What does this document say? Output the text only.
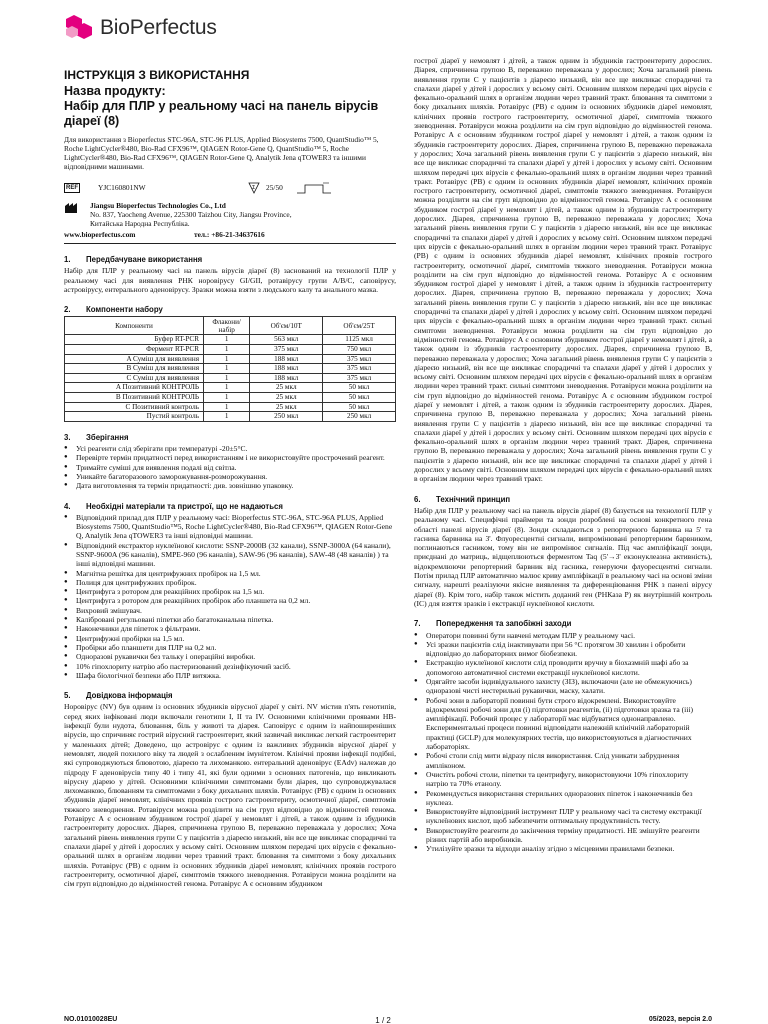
BioPerfectus
ІНСТРУКЦІЯ З ВИКОРИСТАННЯ
Назва продукту:
Набір для ПЛР у реальному часі на панель вірусів діареї (8)

Для використання з Bioperfectus STC-96A, STC-96 PLUS, Applied Biosystems 7500, QuantStudio™ 5, Roche LightCycler®480, Bio-Rad CFX96™, QIAGEN Rotor-Gene Q, QuantStudio™ 5, Roche LightCycler®480, Bio-Rad CFX96™, QIAGEN Rotor-Gene Q, Analytik Jena qTOWER3 та іншими відповідними машинами.

REF	YJC160801NW	Σ 25/50
Jiangsu Bioperfectus Technologies Co., Ltd
No. 837, Yaocheng Avenue, 225300 Taizhou City, Jiangsu Province,
Китайська Народна Республіка.
www.bioperfectus.com	тел.: +86-21-34637616
1.	Передбачуване використання

Набір для ПЛР у реальному часі на панель вірусів діареї (8) заснований на технології ПЛР у реальному часі для виявлення РНК норовірусу GI/GII, ротавірусу групи A/B/C, саповірусу, астровірусу, ентерального аденовірусу. Зразки можна взяти з людського калу та анального мазка.

2.	Компоненти набору
Компоненти	Флакони/ набір	Об'єм/10Т	Об'єм/25Т
Буфер RT-PCR	1	563 мкл	1125 мкл
Фермент RT-PCR	1	375 мкл	750 мкл
A Суміш для виявлення	1	188 мкл	375 мкл
B Суміш для виявлення	1	188 мкл	375 мкл
C Суміш для виявлення	1	188 мкл	375 мкл
A Позитивний КОНТРОЛЬ	1	25 мкл	50 мкл
B Позитивний КОНТРОЛЬ	1	25 мкл	50 мкл
C Позитивний контроль	1	25 мкл	50 мкл
Пустий контроль	1	250 мкл	250 мкл
3.	Зберігання
● Усі реагенти слід зберігати при температурі -20±5°C.
● Перевірте термін придатності перед використанням і не використовуйте прострочений реагент.
● Тримайте суміші для виявлення подалі від світла.
● Уникайте багаторазового заморожування-розморожування.
● Дата виготовлення та термін придатності: див. зовнішню упаковку.
4.	Необхідні матеріали та пристрої, що не надаються
● Відповідний прилад для ПЛР у реальному часі: Bioperfectus STC-96A, STC-96A PLUS, Applied Biosystems 7500, QuantStudio™5, Roche LightCycler®480, Bio-Rad CFX96™, QIAGEN Rotor-Gene Q, Analytik Jena qTOWER3 та інші відповідні машини.
● Відповідний екстрактор нуклеїнової кислоти: SSNP-2000B (32 канали), SSNP-3000A (64 канали), SSNP-9600A (96 каналів), SMPE-960 (96 каналів), SAW-96 (96 каналів), SAW-48 (48 каналів) ) та інші відповідні машини.
● Магнітна решітка для центрифужних пробірок на 1,5 мл.
● Полиця для центрифужних пробірок.
● Центрифуга з ротором для реакційних пробірок на 1,5 мл.
● Центрифуга з ротором для реакційних пробірок або планшета на 0,2 мл.
● Вихровий змішувач.
● Калібровані регульовані піпетки або багатоканальна піпетка.
● Наконечники для піпеток з фільтрами.
● Центрифужні пробірки на 1,5 мл.
● Пробірки або планшети для ПЛР на 0,2 мл.
● Одноразові рукавички без тальку і операційні виробки.
● 10% гіпохлориту натрію або пастеризований дезінфікуючий засіб.
● Шафа біологічної безпеки або ПЛР витяжка.
5.	Довідкова інформація

Норовірус (NV) був одним із основних збудників вірусної діареї у світі. NV містив п'ять генотипів, серед яких інфіковані люди включали генотипи I, II та IV. Основними клінічними проявами НВ-інфекції були нудота, блювання, біль у животі та діарея. Саповірус є одним із найпоширеніших вірусів, що спричиняє гострий вірусний гастроентерит, який зазвичай викликає легкий гастроентерит у маленьких дітей; Доведено, що астровірус є одним із важливих збудників вірусної діареї у немовлят, людей похилого віку та людей з ослабленим імунітетом. Клінічні прояви інфекції подібні, які супроводжуються блювотою, діареєю та лихоманкою. ентеральний аденовірус (EAdv) належав до підроду F аденовірусів типу 40 і типу 41, які були одними з основних патогенів, що викликають вірусну діарею у дітей. Основними клінічними симптомами були діарея, що супроводжувалася лихоманкою, блюванням та симптомами з боку дихальних шляхів. Ротавірус (РВ) є одним із основних збудників діареї немовлят, клінічних проявів гострого гастроентериту, осмотичної діареї, симптомів тяжкого зневоднення. Ротавіруси можна розділити на сім груп відповідно до відмінностей генома. Ротавірус А є основним збудником гострої діареї у немовлят і дітей, а також одним із збудників гастроентериту дорослих. Діарея, спричинена групою В, переважно переважала у дорослих; Хоча загальний рівень виявлення групи С у пацієнтів з діареєю низький, він все ще викликає спорадичні та спалахи діареї у дітей і дорослих у всьому світі. Основним шляхом передачі цих вірусів є фекально-оральний шлях в організм людини через травний тракт. блювання та симптоми з боку дихальних шляхів. Ротавірус (РВ) є одним із основних збудників діареї немовлят, клінічних проявів гострого гастроентериту, осмотичної діареї, симптомів тяжкого зневоднення. Ротавіруси можна розділити на сім груп відповідно до відмінностей генома. Ротавірус А є основним збудником

гострої діареї у немовлят і дітей, а також одним із збудників гастроентериту дорослих. Діарея, спричинена групою В, переважно переважала у дорослих; Хоча загальний рівень виявлення групи С у пацієнтів з діареєю низький, він все ще викликає спорадичні та спалахи діареї у дітей і дорослих у всьому світі. Основним шляхом передачі цих вірусів є фекально-оральний шлях в організм людини через травний тракт. блювання та симптоми з боку дихальних шляхів. Ротавірус (РВ) є одним із основних збудників діареї немовлят, клінічних проявів гострого гастроентериту, осмотичної діареї, симптомів тяжкого зневоднення. Ротавіруси можна розділити на сім груп відповідно до відмінностей генома. Ротавірус А є основним збудником гострої діареї у немовлят і дітей, а також одним із збудників гастроентериту дорослих. Діарея, спричинена групою В, переважно переважала у дорослих; Хоча загальний рівень виявлення групи С у пацієнтів з діареєю низький, він все ще викликає спорадичні та спалахи діареї у дітей і дорослих у всьому світі. Основним шляхом передачі цих вірусів є фекально-оральний шлях в організм людини через травний тракт. Ротавірус (РВ) є одним із основних збудників діареї немовлят, клінічних проявів гострого гастроентериту, осмотичної діареї, симптомів тяжкого зневоднення. Ротавіруси можна розділити на сім груп відповідно до відмінностей генома. Ротавірус А є основним збудником гострої діареї у немовлят і дітей, а також одним із збудників гастроентериту дорослих. Діарея, спричинена групою В, переважно переважала у дорослих; Хоча загальний рівень виявлення групи С у пацієнтів з діареєю низький, він все ще викликає спорадичні та спалахи діареї у дітей і дорослих у всьому світі. Основним шляхом передачі цих вірусів є фекально-оральний шлях в організм людини через травний тракт. Ротавірус (РВ) є одним із основних збудників діареї немовлят, клінічних проявів гострого гастроентериту, осмотичної діареї, симптомів тяжкого зневоднення. Ротавіруси можна розділити на сім груп відповідно до відмінностей генома. Ротавірус А є основним збудником гострої діареї у немовлят і дітей, а також одним із збудників гастроентериту дорослих. Діарея, спричинена групою В, переважно переважала у дорослих; Хоча загальний рівень виявлення групи С у пацієнтів з діареєю низький, він все ще викликає спорадичні та спалахи діареї у дітей і дорослих у всьому світі. Основним шляхом передачі цих вірусів є фекально-оральний шлях в організм людини через травний тракт. сильні симптоми зневоднення. Ротавіруси можна розділити на сім груп відповідно до відмінностей генома. Ротавірус А є основним збудником гострої діареї у немовлят і дітей, а також одним із збудників гастроентериту дорослих. Діарея, спричинена групою В, переважно переважала у дорослих; Хоча загальний рівень виявлення групи С у пацієнтів з діареєю низький, він все ще викликає спорадичні та спалахи діареї у дітей і дорослих у всьому світі. Основним шляхом передачі цих вірусів є фекально-оральний шлях в організм людини через травний тракт. сильні симптоми зневоднення. Ротавіруси можна розділити на сім груп відповідно до відмінностей генома. Ротавірус А є основним збудником гострої діареї у немовлят і дітей, а також одним із збудників гастроентериту дорослих. Діарея, спричинена групою В, переважно переважала у дорослих; Хоча загальний рівень виявлення групи С у пацієнтів з діареєю низький, він все ще викликає спорадичні та спалахи діареї у дітей і дорослих у всьому світі. Основним шляхом передачі цих вірусів є фекально-оральний шлях в організм людини через травний тракт. Діарея, спричинена групою В, переважно переважала у дорослих; Хоча загальний рівень виявлення групи С у пацієнтів з діареєю низький, він все ще викликає спорадичні та спалахи діареї у дітей і дорослих у всьому світі. Основним шляхом передачі цих вірусів є фекально-оральний шлях в організм людини через травний тракт.

6.	Технічний принцип

Набір для ПЛР у реальному часі на панель вірусів діареї (8) базується на технології ПЛР у реальному часі. Специфічні праймери та зонди розроблені на основі конкретного гена області панелі вірусів діареї (8). Зонди складаються з репортерного барвника на 5' та гасника барвника на 3'. Флуоресцентні сигнали, випромінювані репортерним барвником, поглинаються гасником, тому він не випромінює сигналів. Під час ампліфікації зонди, приєднані до матриць, відщеплюються ферментом Taq (5'→3' екзонуклеазна активність), відокремлюючи репортерний барвник від гасника, генеруючи флуоресцентні сигнали. Потім прилад ПЛР автоматично малює криву ампліфікації в реальному часі на основі зміни сигналу, нарешті реалізуючи якісне виявлення та диференціювання РНК з панелі вірусу діареї (8). Крім того, набір також містить доданий ген (РНКаза Р) як внутрішній контроль (IC) для взяття зразків і екстракції нуклеїнової кислоти.

7.	Попередження та запобіжні заходи
● Оператори повинні бути навчені методам ПЛР у реальному часі.
● Усі зразки пацієнтів слід інактивувати при 56 °C протягом 30 хвилин і обробити відповідно до лабораторних вимог біобезпеки.
● Екстракцію нуклеїнової кислоти слід проводити вручну в біохазмній шафі або за допомогою автоматичної системи екстракції нуклеїнової кислоти.
● Одягайте засоби індивідуального захисту (ЗІЗ), включаючи (але не обмежуючись) одноразові чисті нестерильні рукавички, маску, халати.
● Робочі зони в лабораторії повинні бути строго відокремлені. Використовуйте відокремлені робочі зони для (i) підготовки реагентів, (ii) підготовки зразка та (iii) ампліфікації. Робочий процес у лабораторії має відбуватися однонаправлено. Експериментальні процеси повинні відповідати належній клінічній лабораторній практиці (GCLP) для молекулярних тестів, що використовуються в діагностичних лабораторіях.
● Робочі столи слід мити відразу після використання. Слід уникати забруднення ампліконом.
● Очистіть робочі столи, піпетки та центрифугу, використовуючи 10% гіпохлориту натрію та 70% етанолу.
● Рекомендується використання стерильних одноразових піпеток і наконечників без нуклеаз.
● Використовуйте відповідний інструмент ПЛР у реальному часі та систему екстракції нуклеїнових кислот, щоб забезпечити оптимальну продуктивність тесту.
● Використовуйте реагенти до закінчення терміну придатності. НЕ змішуйте реагенти різних партій або виробників.
● Утилізуйте зразки та відходи аналізу згідно з місцевими правилами безпеки.
NO.01010028EU	1 / 2	05/2023, версія 2.0
